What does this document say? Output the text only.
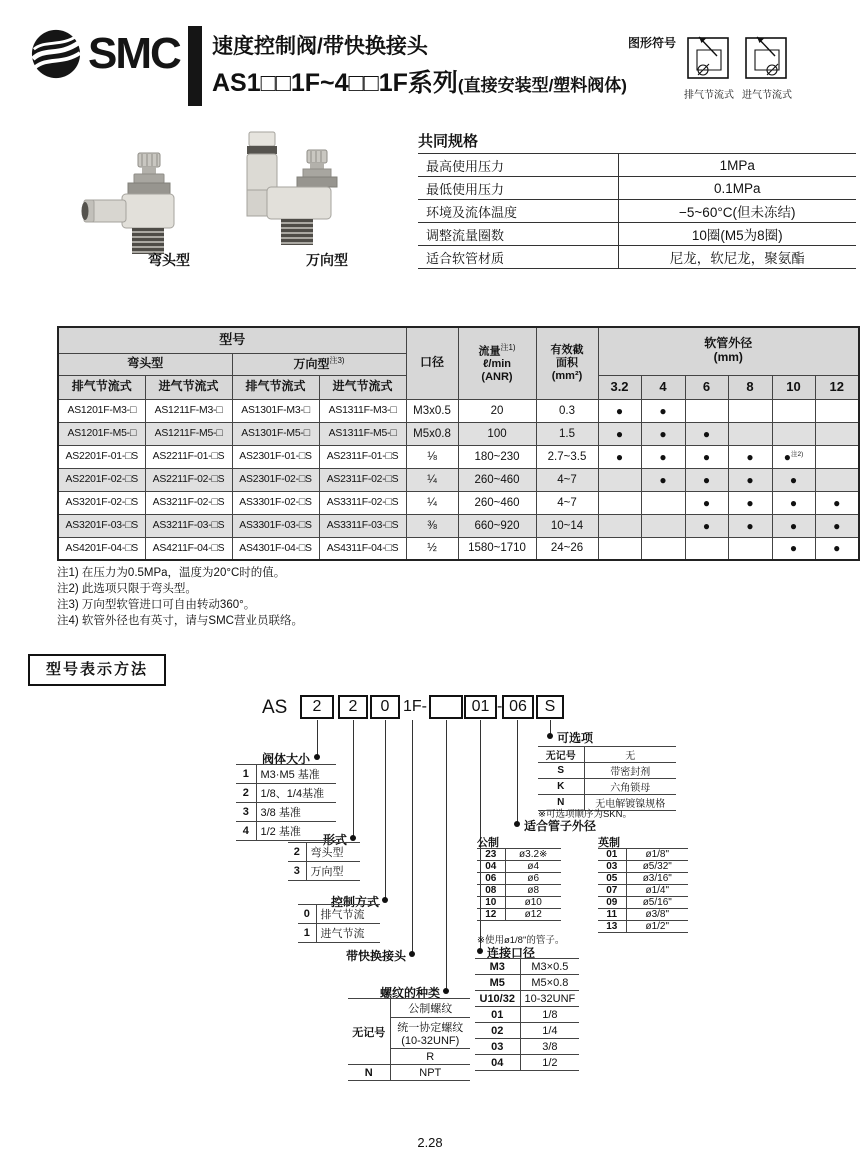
SMC 速度控制阀/带快换接头
AS1□□1F~4□□1F系列(直接安装型/塑料阀体)
图形符号
排气节流式 进气节流式
弯头型	万向型
共同规格
最高使用压力	1MPa
最低使用压力	0.1MPa
环境及流体温度	−5~60°C(但未冻结)
调整流量圈数	10圈(M5为8圈)
适合软管材质	尼龙，软尼龙，聚氨酯
型号	口径	
流量$^{注1)}$
ℓ/min
(ANR)

有效截
面积
(mm²)

软管外径
(mm)

弯头型		万向型$^{注3)}$
排气节流式	进气节流式	排气节流式	进气节流式				3.2	4	6	8	10	12
AS1201F-M3-□	AS1211F-M3-□	AS1301F-M3-□	AS1311F-M3-□	M3x0.5	20	0.3	●	●				
AS1201F-M5-□	AS1211F-M5-□	AS1301F-M5-□	AS1311F-M5-□	M5x0.8	100	1.5	●	●	●			
AS2201F-01-□S	AS2211F-01-□S	AS2301F-01-□S	AS2311F-01-□S	⅛	180~230	2.7~3.5	●	●	●	●	●$^{注2)}$	
AS2201F-02-□S	AS2211F-02-□S	AS2301F-02-□S	AS2311F-02-□S	¼	260~460	4~7		●	●	●	●	
AS3201F-02-□S	AS3211F-02-□S	AS3301F-02-□S	AS3311F-02-□S	¼	260~460	4~7			●	●	●	●
AS3201F-03-□S	AS3211F-03-□S	AS3301F-03-□S	AS3311F-03-□S	⅜	660~920	10~14			●	●	●	●
AS4201F-04-□S	AS4211F-04-□S	AS4301F-04-□S	AS4311F-04-□S	½	1580~1710	24~26					●	●
注1) 在压力为0.5MPa，温度为20°C时的值。
注2) 此选项只限于弯头型。
注3) 万向型软管进口可自由转动360°。
注4) 软管外径也有英寸，请与SMC营业员联络。
型号表示方法
AS	2	2	0 1F-	01 - 06	S
阀体大小
形式
控制方式
带快换接头
螺纹的种类
连接口径
适合管子外径
可选项
1	M3·M5 基准
2	1/8、1/4基准
3	3/8 基准
4	1/2 基准
2	弯头型
3	万向型
0	排气节流
1	进气节流
无记号	公制螺纹
	统一协定螺纹(10-32UNF)
	R
N	NPT
M3	M3×0.5
M5	M5×0.8
U10/32	10-32UNF
01	1/8
02	1/4
03	3/8
04	1/2
公制
23	ø3.2※
04	ø4
06	ø6
08	ø8
10	ø10
12	ø12
※使用ø1/8"的管子。
英制
01	ø1/8"
03	ø5/32"
05	ø3/16"
07	ø1/4"
09	ø5/16"
11	ø3/8"
13	ø1/2"
无记号	无
S	带密封剂
K	六角锁母
N	无电解镀镍规格
※可选项顺序为SKN。
2.28
